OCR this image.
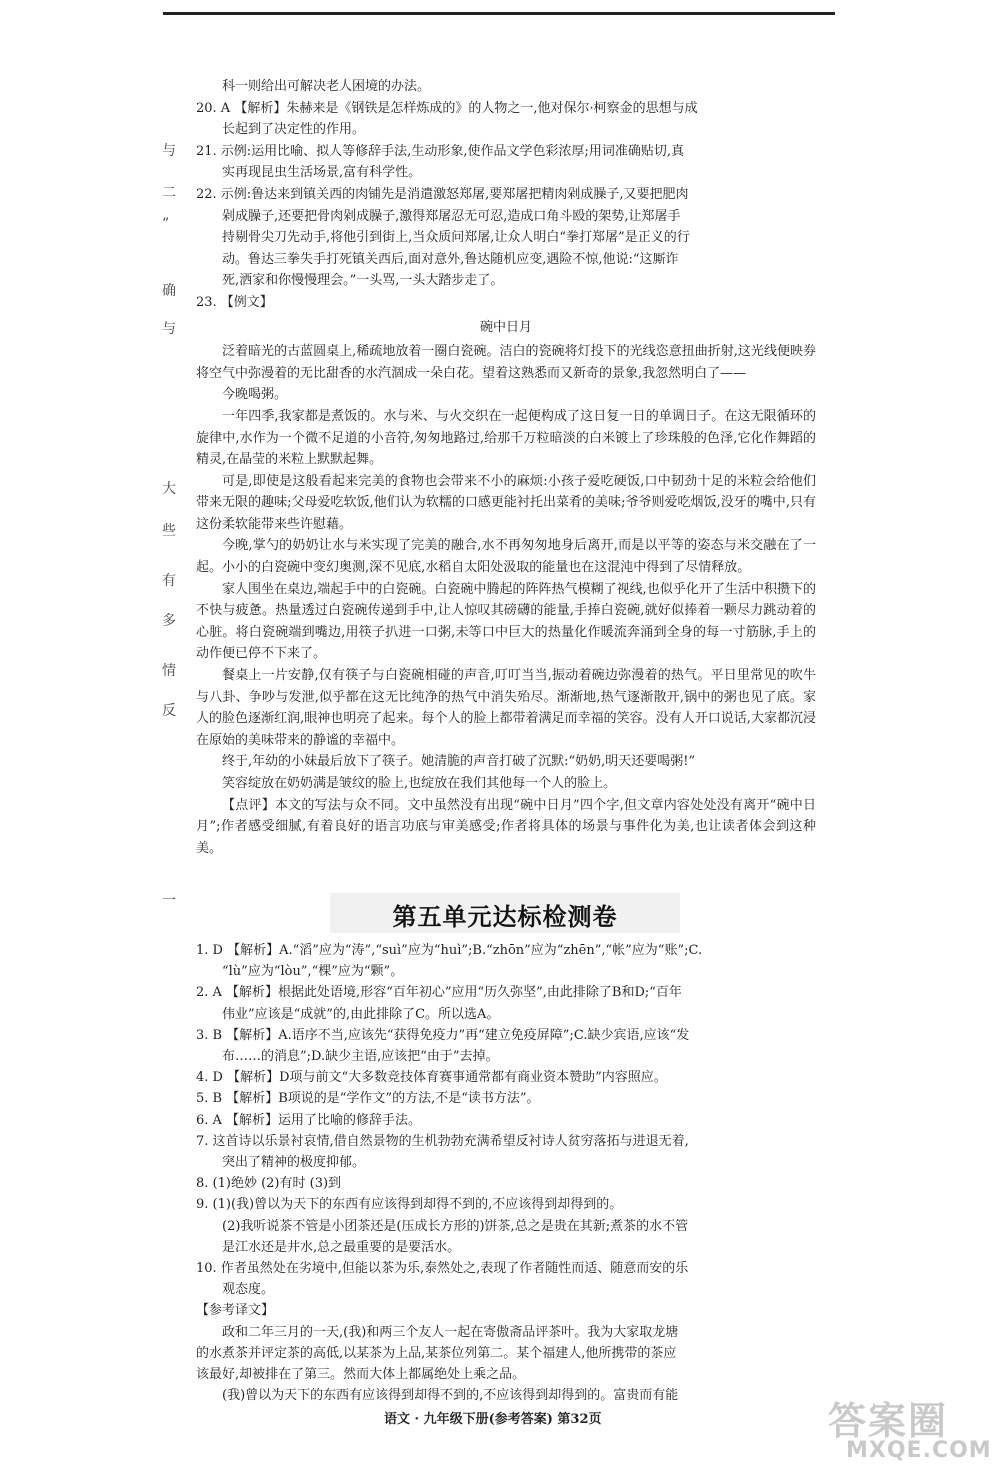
与
二
”
确
与
大
些
有
多
情
反
一

科一则给出可解决老人困境的办法。

20. A 【解析】朱赫来是《钢铁是怎样炼成的》的人物之一,他对保尔·柯察金的思想与成

长起到了决定性的作用。

21. 示例:运用比喻、拟人等修辞手法,生动形象,使作品文学色彩浓厚;用词准确贴切,真

实再现昆虫生活场景,富有科学性。

22. 示例:鲁达来到镇关西的肉铺先是消遣激怒郑屠,要郑屠把精肉剁成臊子,又要把肥肉

剁成臊子,还要把骨肉剁成臊子,激得郑屠忍无可忍,造成口角斗殴的架势,让郑屠手

持剔骨尖刀先动手,将他引到街上,当众质问郑屠,让众人明白“拳打郑屠”是正义的行

动。鲁达三拳失手打死镇关西后,面对意外,鲁达随机应变,遇险不惊,他说:“这厮诈

死,洒家和你慢慢理会。”一头骂,一头大踏步走了。

23. 【例文】

碗中日月

泛着暗光的古蓝圆桌上,稀疏地放着一圈白瓷碗。洁白的瓷碗将灯投下的光线恣意扭曲折射,这光线便映券将空气中弥漫着的无比甜香的水汽涸成一朵白花。望着这熟悉而又新奇的景象,我忽然明白了——

今晚喝粥。

一年四季,我家都是煮饭的。水与米、与火交织在一起便构成了这日复一日的单调日子。在这无限循环的旋律中,水作为一个微不足道的小音符,匆匆地路过,给那千万粒暗淡的白米镀上了珍珠般的色泽,它化作舞蹈的精灵,在晶莹的米粒上默默起舞。

可是,即使是这般看起来完美的食物也会带来不小的麻烦:小孩子爱吃硬饭,口中韧劲十足的米粒会给他们带来无限的趣味;父母爱吃软饭,他们认为软糯的口感更能衬托出菜肴的美味;爷爷则爱吃烟饭,没牙的嘴中,只有这份柔软能带来些许慰藉。

今晚,掌勺的奶奶让水与米实现了完美的融合,水不再匆匆地身后离开,而是以平等的姿态与米交融在了一起。小小的白瓷碗中变幻奥测,深不见底,水稻自太阳处汲取的能量也在这混沌中得到了尽情释放。

家人围坐在桌边,端起手中的白瓷碗。白瓷碗中腾起的阵阵热气模糊了视线,也似乎化开了生活中积攒下的不快与疲惫。热量透过白瓷碗传递到手中,让人惊叹其磅礴的能量,手捧白瓷碗,就好似捧着一颗尽力跳动着的心脏。将白瓷碗端到嘴边,用筷子扒进一口粥,未等口中巨大的热量化作暖流奔涌到全身的每一寸筋脉,手上的动作便已停不下来了。

餐桌上一片安静,仅有筷子与白瓷碗相碰的声音,叮叮当当,振动着碗边弥漫着的热气。平日里常见的吹牛与八卦、争吵与发泄,似乎都在这无比纯净的热气中消失殆尽。渐渐地,热气逐渐散开,锅中的粥也见了底。家人的脸色逐渐红润,眼神也明亮了起来。每个人的脸上都带着满足而幸福的笑容。没有人开口说话,大家都沉浸在原始的美味带来的静谧的幸福中。

终于,年幼的小妹最后放下了筷子。她清脆的声音打破了沉默:“奶奶,明天还要喝粥!”

笑容绽放在奶奶满是皱纹的脸上,也绽放在我们其他每一个人的脸上。

【点评】本文的写法与众不同。文中虽然没有出现“碗中日月”四个字,但文章内容处处没有离开“碗中日月”;作者感受细腻,有着良好的语言功底与审美感受;作者将具体的场景与事件化为美,也让读者体会到这种美。

第五单元达标检测卷

1. D 【解析】A.“滔”应为“涛”,“suì”应为“huì”;B.“zhōn”应为“zhēn”,“帐”应为“账”;C.

“lù”应为“lòu”,“棵”应为“颗”。

2. A 【解析】根据此处语境,形容“百年初心”应用“历久弥坚”,由此排除了B和D;“百年

伟业”应该是“成就”的,由此排除了C。所以选A。

3. B 【解析】A.语序不当,应该先“获得免疫力”再“建立免疫屏障”;C.缺少宾语,应该“发

布……的消息”;D.缺少主语,应该把“由于”去掉。

4. D 【解析】D项与前文“大多数竞技体育赛事通常都有商业资本赞助”内容照应。

5. B 【解析】B项说的是“学作文”的方法,不是“读书方法”。

6. A 【解析】运用了比喻的修辞手法。

7. 这首诗以乐景衬哀情,借自然景物的生机勃勃充满希望反衬诗人贫穷落拓与进退无着,

突出了精神的极度抑郁。

8. (1)绝妙 (2)有时 (3)到

9. (1)(我)曾以为天下的东西有应该得到却得不到的,不应该得到却得到的。

(2)我听说茶不管是小团茶还是(压成长方形的)饼茶,总之是贵在其新;煮茶的水不管

是江水还是井水,总之最重要的是要活水。

10. 作者虽然处在劣境中,但能以茶为乐,泰然处之,表现了作者随性而适、随意而安的乐

观态度。

【参考译文】

政和二年三月的一天,(我)和两三个友人一起在寄傲斋品评茶叶。我为大家取龙塘

的水煮茶并评定茶的高低,以某茶为上品,某茶位列第二。某个福建人,他所携带的茶应

该最好,却被排在了第三。然而大体上都属绝处上乘之品。

(我)曾以为天下的东西有应该得到却得不到的,不应该得到却得到的。富贵而有能

语文 · 九年级下册(参考答案) 第32页	答案圈
MXQE.COM
